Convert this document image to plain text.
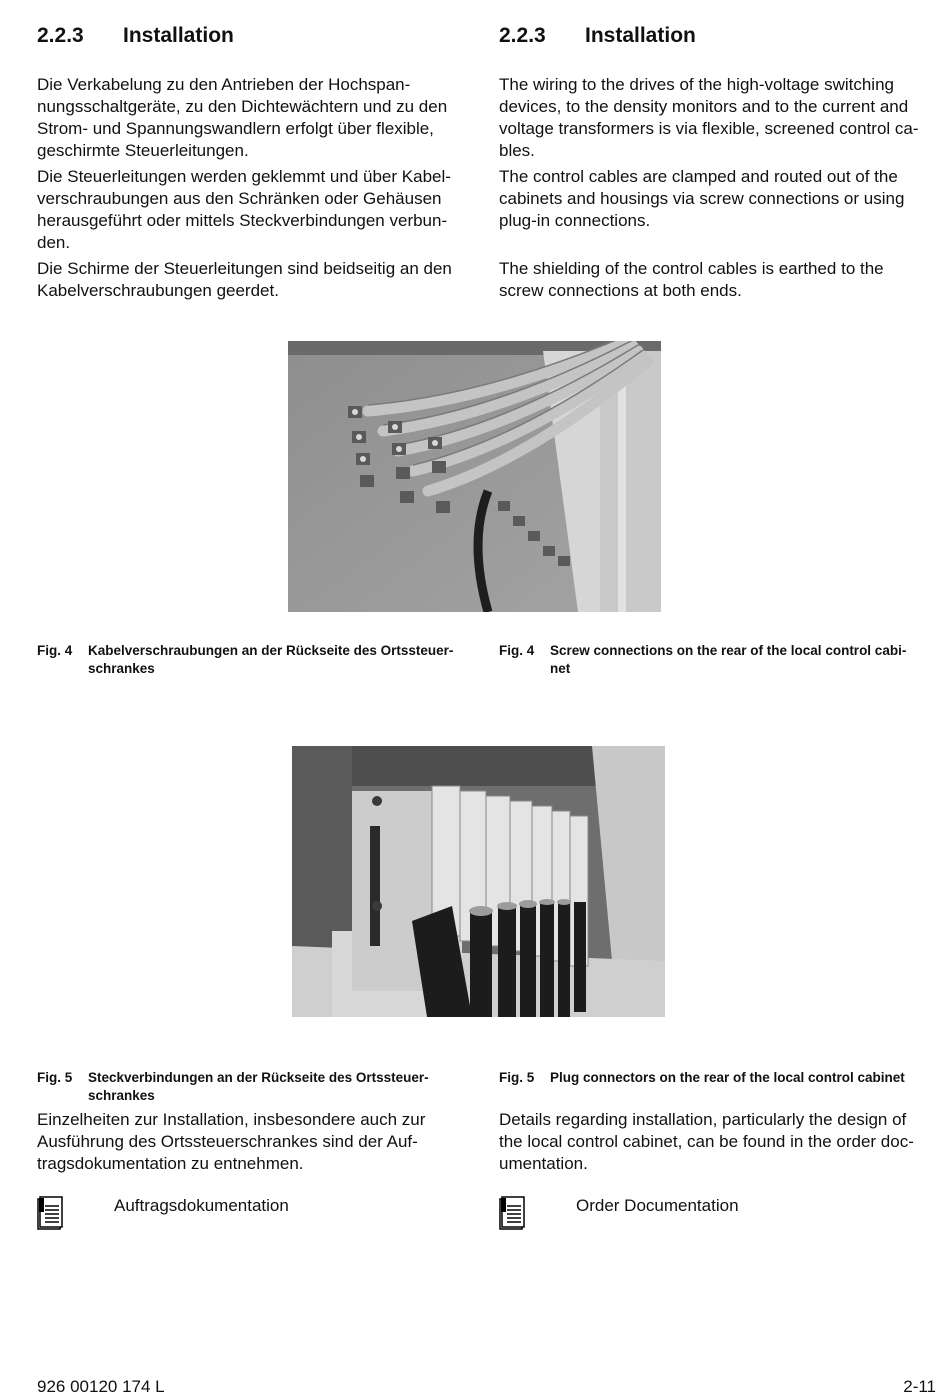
2.2.3 Installation
Die Verkabelung zu den Antrieben der Hochspan-
nungsschaltgeräte, zu den Dichtewächtern und zu den
Strom- und Spannungswandlern erfolgt über flexible,
geschirmte Steuerleitungen.
Die Steuerleitungen werden geklemmt und über Kabel-
verschraubungen aus den Schränken oder Gehäusen
herausgeführt oder mittels Steckverbindungen verbun-
den.
Die Schirme der Steuerleitungen sind beidseitig an den
Kabelverschraubungen geerdet.
2.2.3 Installation
The wiring to the drives of the high-voltage switching
devices, to the density monitors and to the current and
voltage transformers is via flexible, screened control ca-
bles.
The control cables are clamped and routed out of the
cabinets and housings via screw connections or using
plug-in connections.
The shielding of the control cables is earthed to the
screw connections at both ends.
Fig. 4 Kabelverschraubungen an der Rückseite des Ortssteuer-
schrankes
Fig. 4 Screw connections on the rear of the local control cabi-
net
Fig. 5 Steckverbindungen an der Rückseite des Ortssteuer-
schrankes
Fig. 5 Plug connectors on the rear of the local control cabinet
Einzelheiten zur Installation, insbesondere auch zur
Ausführung des Ortssteuerschrankes sind der Auf-
tragsdokumentation zu entnehmen.
Details regarding installation, particularly the design of
the local control cabinet, can be found in the order doc-
umentation.
Auftragsdokumentation	Order Documentation
926 00120 174 L	2-11
